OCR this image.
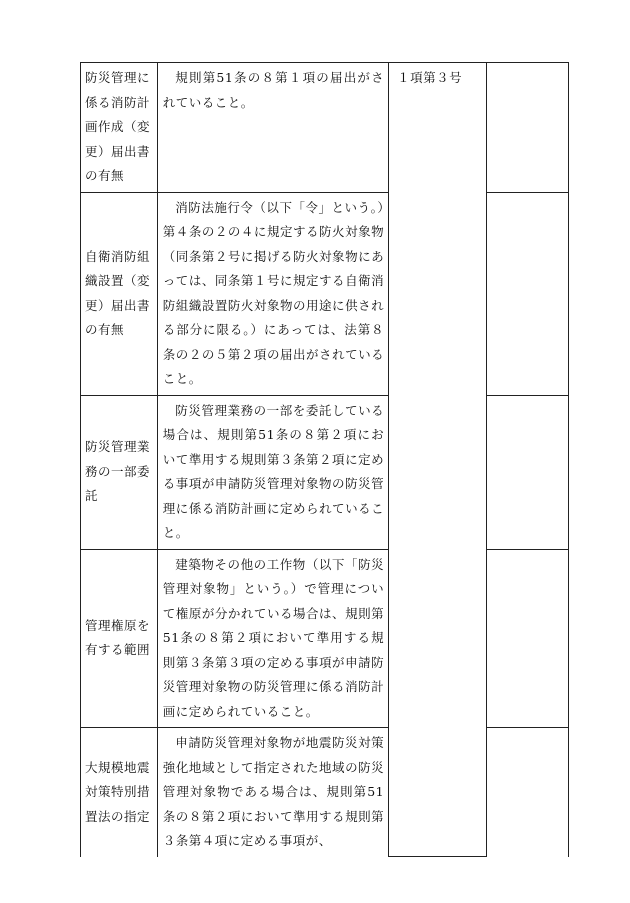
防災管理に係る消防計画作成（変更）届出書の有無	規則第51条の８第１項の届出がされていること。	１項第３号	
自衛消防組織設置（変更）届出書の有無	消防法施行令（以下「令」という。）第４条の２の４に規定する防火対象物（同条第２号に掲げる防火対象物にあっては、同条第１号に規定する自衛消防組織設置防火対象物の用途に供される部分に限る。）にあっては、法第８条の２の５第２項の届出がされていること。		

防災管理業務の一部委託	防災管理業務の一部を委託している場合は、規則第51条の８第２項において準用する規則第３条第２項に定める事項が申請防災管理対象物の防災管理に係る消防計画に定められていること。		

管理権原を有する範囲	建築物その他の工作物（以下「防災管理対象物」という。）で管理について権原が分かれている場合は、規則第51条の８第２項において準用する規則第３条第３項の定める事項が申請防災管理対象物の防災管理に係る消防計画に定められていること。		

大規模地震対策特別措置法の指定	申請防災管理対象物が地震防災対策強化地域として指定された地域の防災管理対象物である場合は、規則第51条の８第２項において準用する規則第３条第４項に定める事項が、		
